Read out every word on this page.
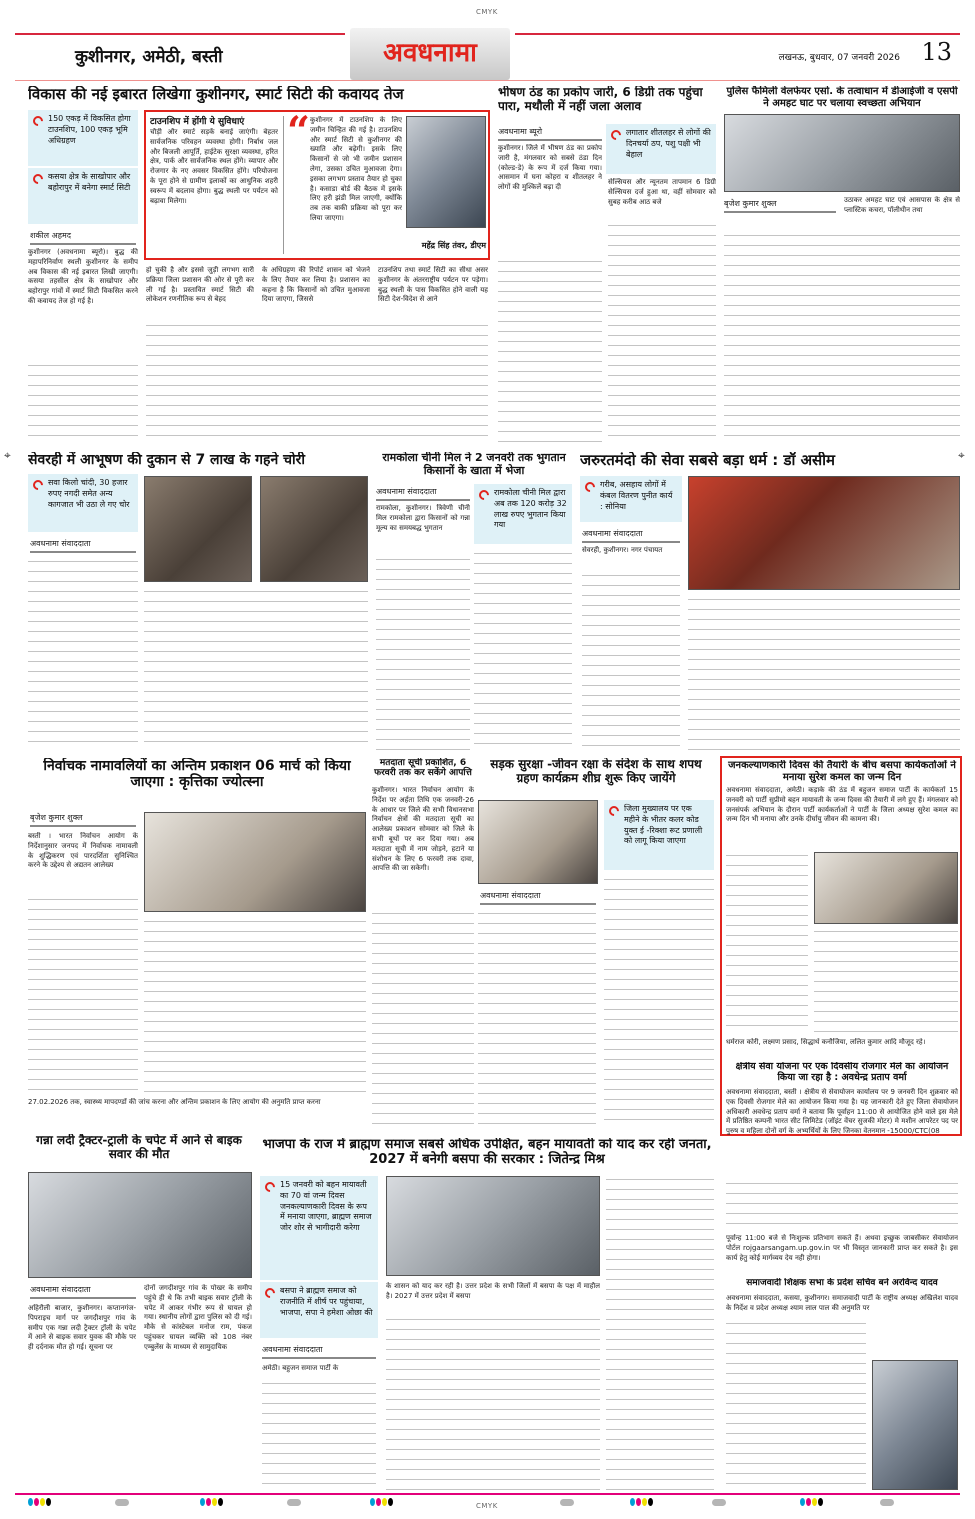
CMYK
कुशीनगर, अमेठी, बस्ती	अवधनामा	लखनऊ, बुधवार, 07 जनवरी 2026 13
विकास की नई इबारत लिखेगा कुशीनगर, स्मार्ट सिटी की कवायद तेज
150 एकड़ में विकसित होगा टाउनशिप, 100 एकड़ भूमि अधिग्रहण
कसया क्षेत्र के साखोपार और बहोरापुर में बनेगा स्मार्ट सिटी
शकील अहमद
कुशीनगर (अवधनामा ब्यूरो)। बुद्ध की महापरिनिर्वाण स्थली कुशीनगर के समीप अब विकास की नई इबारत लिखी जाएगी। कसया तहसील क्षेत्र के साखोपार और बहोरापुर गांवों में स्मार्ट सिटी विकसित करने की कवायद तेज हो गई है।
टाउनशिप में होंगी ये सुविधाएं
चौड़ी और स्मार्ट सड़कें बनाई जाएंगी। बेहतर सार्वजनिक परिवहन व्यवस्था होगी। निर्बाध जल और बिजली आपूर्ति, हाईटेक सुरक्षा व्यवस्था, हरित क्षेत्र, पार्क और सार्वजनिक स्थल होंगे। व्यापार और रोजगार के नए अवसर विकसित होंगे। परियोजना के पूरा होने से ग्रामीण इलाकों का आधुनिक शहरी स्वरूप में बदलाव होगा। बुद्ध स्थली पर पर्यटन को बढ़ावा मिलेगा।
“ कुशीनगर में टाउनशिप के लिए जमीन चिन्हित की गई है। टाउनशिप और स्मार्ट सिटी से कुशीनगर की ख्याति और बढ़ेगी। इसके लिए किसानों से जो भी जमीन प्रशासन लेगा, उसका उचित मुआवजा देगा। इसका लगभग प्रस्ताव तैयार हो चुका है। कसाडा बोर्ड की बैठक में इसके लिए हरी झंडी मिल जाएगी, क्योंकि तब तक बाकी प्रक्रिया को पूरा कर लिया जाएगा।
महेंद्र सिंह तंवर, डीएम
हो चुकी है और इससे जुड़ी लगभग सारी प्रक्रिया जिला प्रशासन की ओर से पूरी कर ली गई है। प्रस्तावित स्मार्ट सिटी की लोकेशन रणनीतिक रूप से बेहद
के अधिग्रहण की रिपोर्ट शासन को भेजने के लिए तैयार कर लिया है। प्रशासन का कहना है कि किसानों को उचित मुआवजा दिया जाएगा, जिससे
टाउनशिप तथा स्मार्ट सिटी का सीधा असर कुशीनगर के अंतरराष्ट्रीय पर्यटन पर पड़ेगा। बुद्ध स्थली के पास विकसित होने वाली यह सिटी देश-विदेश से आने
भीषण ठंड का प्रकोप जारी, 6 डिग्री तक पहुंचा पारा, मथौली में नहीं जला अलाव
अवधनामा ब्यूरो	लगातार शीतलहर से लोगों की दिनचर्या ठप, पशु पक्षी भी बेहाल
कुशीनगर। जिले में भीषण ठंड का प्रकोप जारी है, मंगलवार को सबसे ठंडा दिन (कोल्ड-डे) के रूप में दर्ज किया गया। आसमान में घना कोहरा व शीतलहर ने लोगों की मुश्किलें बढ़ा दी
सेल्सियस और न्यूनतम तापमान 6 डिग्री सेल्सियस दर्ज हुआ था, वहीं सोमवार को सुबह करीब आठ बजे
पुलिस फैमिली वेलफेयर एसो. के तत्वाधान में डीआईजी व एसपी ने अमहट घाट पर चलाया स्वच्छता अभियान
बृजेश कुमार शुक्ल	उठाकर अमहट घाट एवं आसपास के क्षेत्र से प्लास्टिक कचरा, पॉलीथीन तथा
⌖	⌖
सेवरही में आभूषण की दुकान से 7 लाख के गहने चोरी
सवा किलो चांदी, 30 हजार रुपए नगदी समेत अन्य कागजात भी उठा ले गए चोर
अवधनामा संवाददाता
रामकोला चीनी मिल ने 2 जनवरी तक भुगतान किसानों के खाता में भेजा
अवधनामा संवाददाता	रामकोला चीनी मिल द्वारा अब तक 120 करोड़ 32 लाख रुपए भुगतान किया गया
रामकोला, कुशीनगर। त्रिवेणी चीनी मिल रामकोला द्वारा किसानों को गन्ना मूल्य का समयबद्ध भुगतान
जरुरतमंदो की सेवा सबसे बड़ा धर्म : डॉ असीम
गरीब, असहाय लोगों में कंबल वितरण पुनीत कार्य : सोनिया
अवधनामा संवाददाता
सेवरही, कुशीनगर। नगर पंचायत
निर्वाचक नामावलियों का अन्तिम प्रकाशन 06 मार्च को किया जाएगा : कृत्तिका ज्योत्स्ना
बृजेश कुमार शुक्ल
बस्ती । भारत निर्वाचन आयोग के निर्देशानुसार जनपद में निर्वाचक नामावली के शुद्धिकरण एवं पारदर्शिता सुनिश्चित करने के उद्देश्य से अद्यतन आलेख्य
27.02.2026 तक, स्वास्थ्य मापदण्डों की जांच करना और अन्तिम प्रकाशन के लिए आयोग की अनुमति प्राप्त करना
मतदाता सूची प्रकाशित, 6 फरवरी तक कर सकेंगे आपत्ति
कुशीनगर। भारत निर्वाचन आयोग के निर्देश पर अर्हता तिथि एक जनवरी-26 के आधार पर जिले की सभी विधानसभा निर्वाचन क्षेत्रों की मतदाता सूची का आलेख्य प्रकाशन सोमवार को जिले के सभी बूथों पर कर दिया गया। अब मतदाता सूची में नाम जोड़ने, हटाने या संशोधन के लिए 6 फरवरी तक दावा, आपत्ति की जा सकेगी।
सड़क सुरक्षा -जीवन रक्षा के संदेश के साथ शपथ ग्रहण कार्यक्रम शीघ्र शुरू किए जायेंगे
जिला मुख्यालय पर एक महीने के भीतर कलर कोड युक्त ई -रिक्शा रूट प्रणाली को लागू किया जाएगा
अवधनामा संवाददाता
जनकल्याणकारी दिवस की तैयारी के बीच बसपा कार्यकर्ताओं ने मनाया सुरेश कमल का जन्म दिन
अवधनामा संवाददाता, अमेठी। कड़ाके की ठंड में बहुजन समाज पार्टी के कार्यकर्ता 15 जनवरी को पार्टी सुप्रीमो बहन मायावती के जन्म दिवस की तैयारी में लगे हुए हैं। मंगलवार को जनसंपर्क अभियान के दौरान पार्टी कार्यकर्ताओं ने पार्टी के जिला अध्यक्ष सुरेश कमल का जन्म दिन भी मनाया और उनके दीर्घायु जीवन की कामना की।
धर्मराज कोरी, लक्ष्मण प्रसाद, सिद्धार्थ कनौजिया, ललित कुमार आदि मौजूद रहे।
क्षेत्रीय सेवा योजना पर एक दिवसीय रोजगार मेले का आयोजन किया जा रहा है : अवधेन्द्र प्रताप वर्मा
अवधनामा संवाददाता, बस्ती । क्षेत्रीय से सेवायोजन कार्यालय पर 9 जनवरी दिन शुक्रवार को एक दिवसी रोजगार मेले का आयोजन किया गया है। यह जानकारी देते हुए जिला सेवायोजन अधिकारी अवधेन्द्र प्रताप वर्मा ने बताया कि पूर्वाहन 11:00 से आयोजित होने वाले इस मेले में प्रतिष्ठित कम्पनी भारत सीट लिमिटेड (जॉइंट वेंचर सुजकी मोटर) मे मशीन आपरेटर पद पर पुरुष व महिला दोनों वर्ग के अभ्यर्थियों के लिए जिनका वेतनमान -15000/CTC(08
पूर्वान्ह 11:00 बजे से निःशुल्क प्रतिभाग सकते हैं। अथवा इच्छुक जाबसीकर सेवायोजन पोर्टल rojgaarsangam.up.gov.in पर भी विस्तृत जानकारी प्राप्त कर सकते है। इस कार्य हेतु कोई मार्गव्यय देय नही होगा।
समाजवादी शिक्षक सभा के प्रदेश सचिव बने अरविन्द यादव
अवधनामा संवाददाता, कसया, कुशीनगर। समाजवादी पार्टी के राष्ट्रीय अध्यक्ष अखिलेश यादव के निर्देश व प्रदेश अध्यक्ष श्याम लाल पाल की अनुमति पर
गन्ना लदी ट्रैक्टर-ट्राली के चपेट में आने से बाइक सवार की मौत
अवधनामा संवाददाता
अहिरौली बाजार, कुशीनगर। कप्तानगंज-पिपराइच मार्ग पर जगदीशपुर गांव के समीप एक गन्ना लदी ट्रैक्टर ट्रॉली के चपेट में आने से बाइक सवार युवक की मौके पर ही दर्दनाक मौत हो गई। सूचना पर
दोनों जगदीशपुर गांव के पोखर के समीप पहुंचे ही थे कि तभी बाइक सवार ट्रॉली के चपेट में आकर गंभीर रूप से घायल हो गया। स्थानीय लोगों द्वारा पुलिस को दी गई। मौके से कांस्टेबल मनोज राम, पंकज पहुंचकर घायल व्यक्ति को 108 नंबर एम्बुलेंस के माध्यम से सामुदायिक
भाजपा के राज में ब्राह्मण समाज सबसे अधिक उपेक्षित, बहन मायावती को याद कर रही जनता, 2027 में बनेगी बसपा की सरकार : जितेन्द्र मिश्र
15 जनवरी को बहन मायावती का 70 वां जन्म दिवस जनकल्याणकारी दिवस के रूप में मनाया जाएगा, ब्राह्मण समाज जोर शोर से भागीदारी करेगा
बसपा ने ब्राह्मण समाज को राजनीति में शीर्ष पर पहुंचाया, भाजपा, सपा ने हमेशा ओछा की
अवधनामा संवाददाता
अमेठी। बहुजन समाज पार्टी के
के शासन को याद कर रही है। उत्तर प्रदेश के सभी जिलों में बसपा के पक्ष में माहौल है। 2027 में उत्तर प्रदेश में बसपा
CMYK
